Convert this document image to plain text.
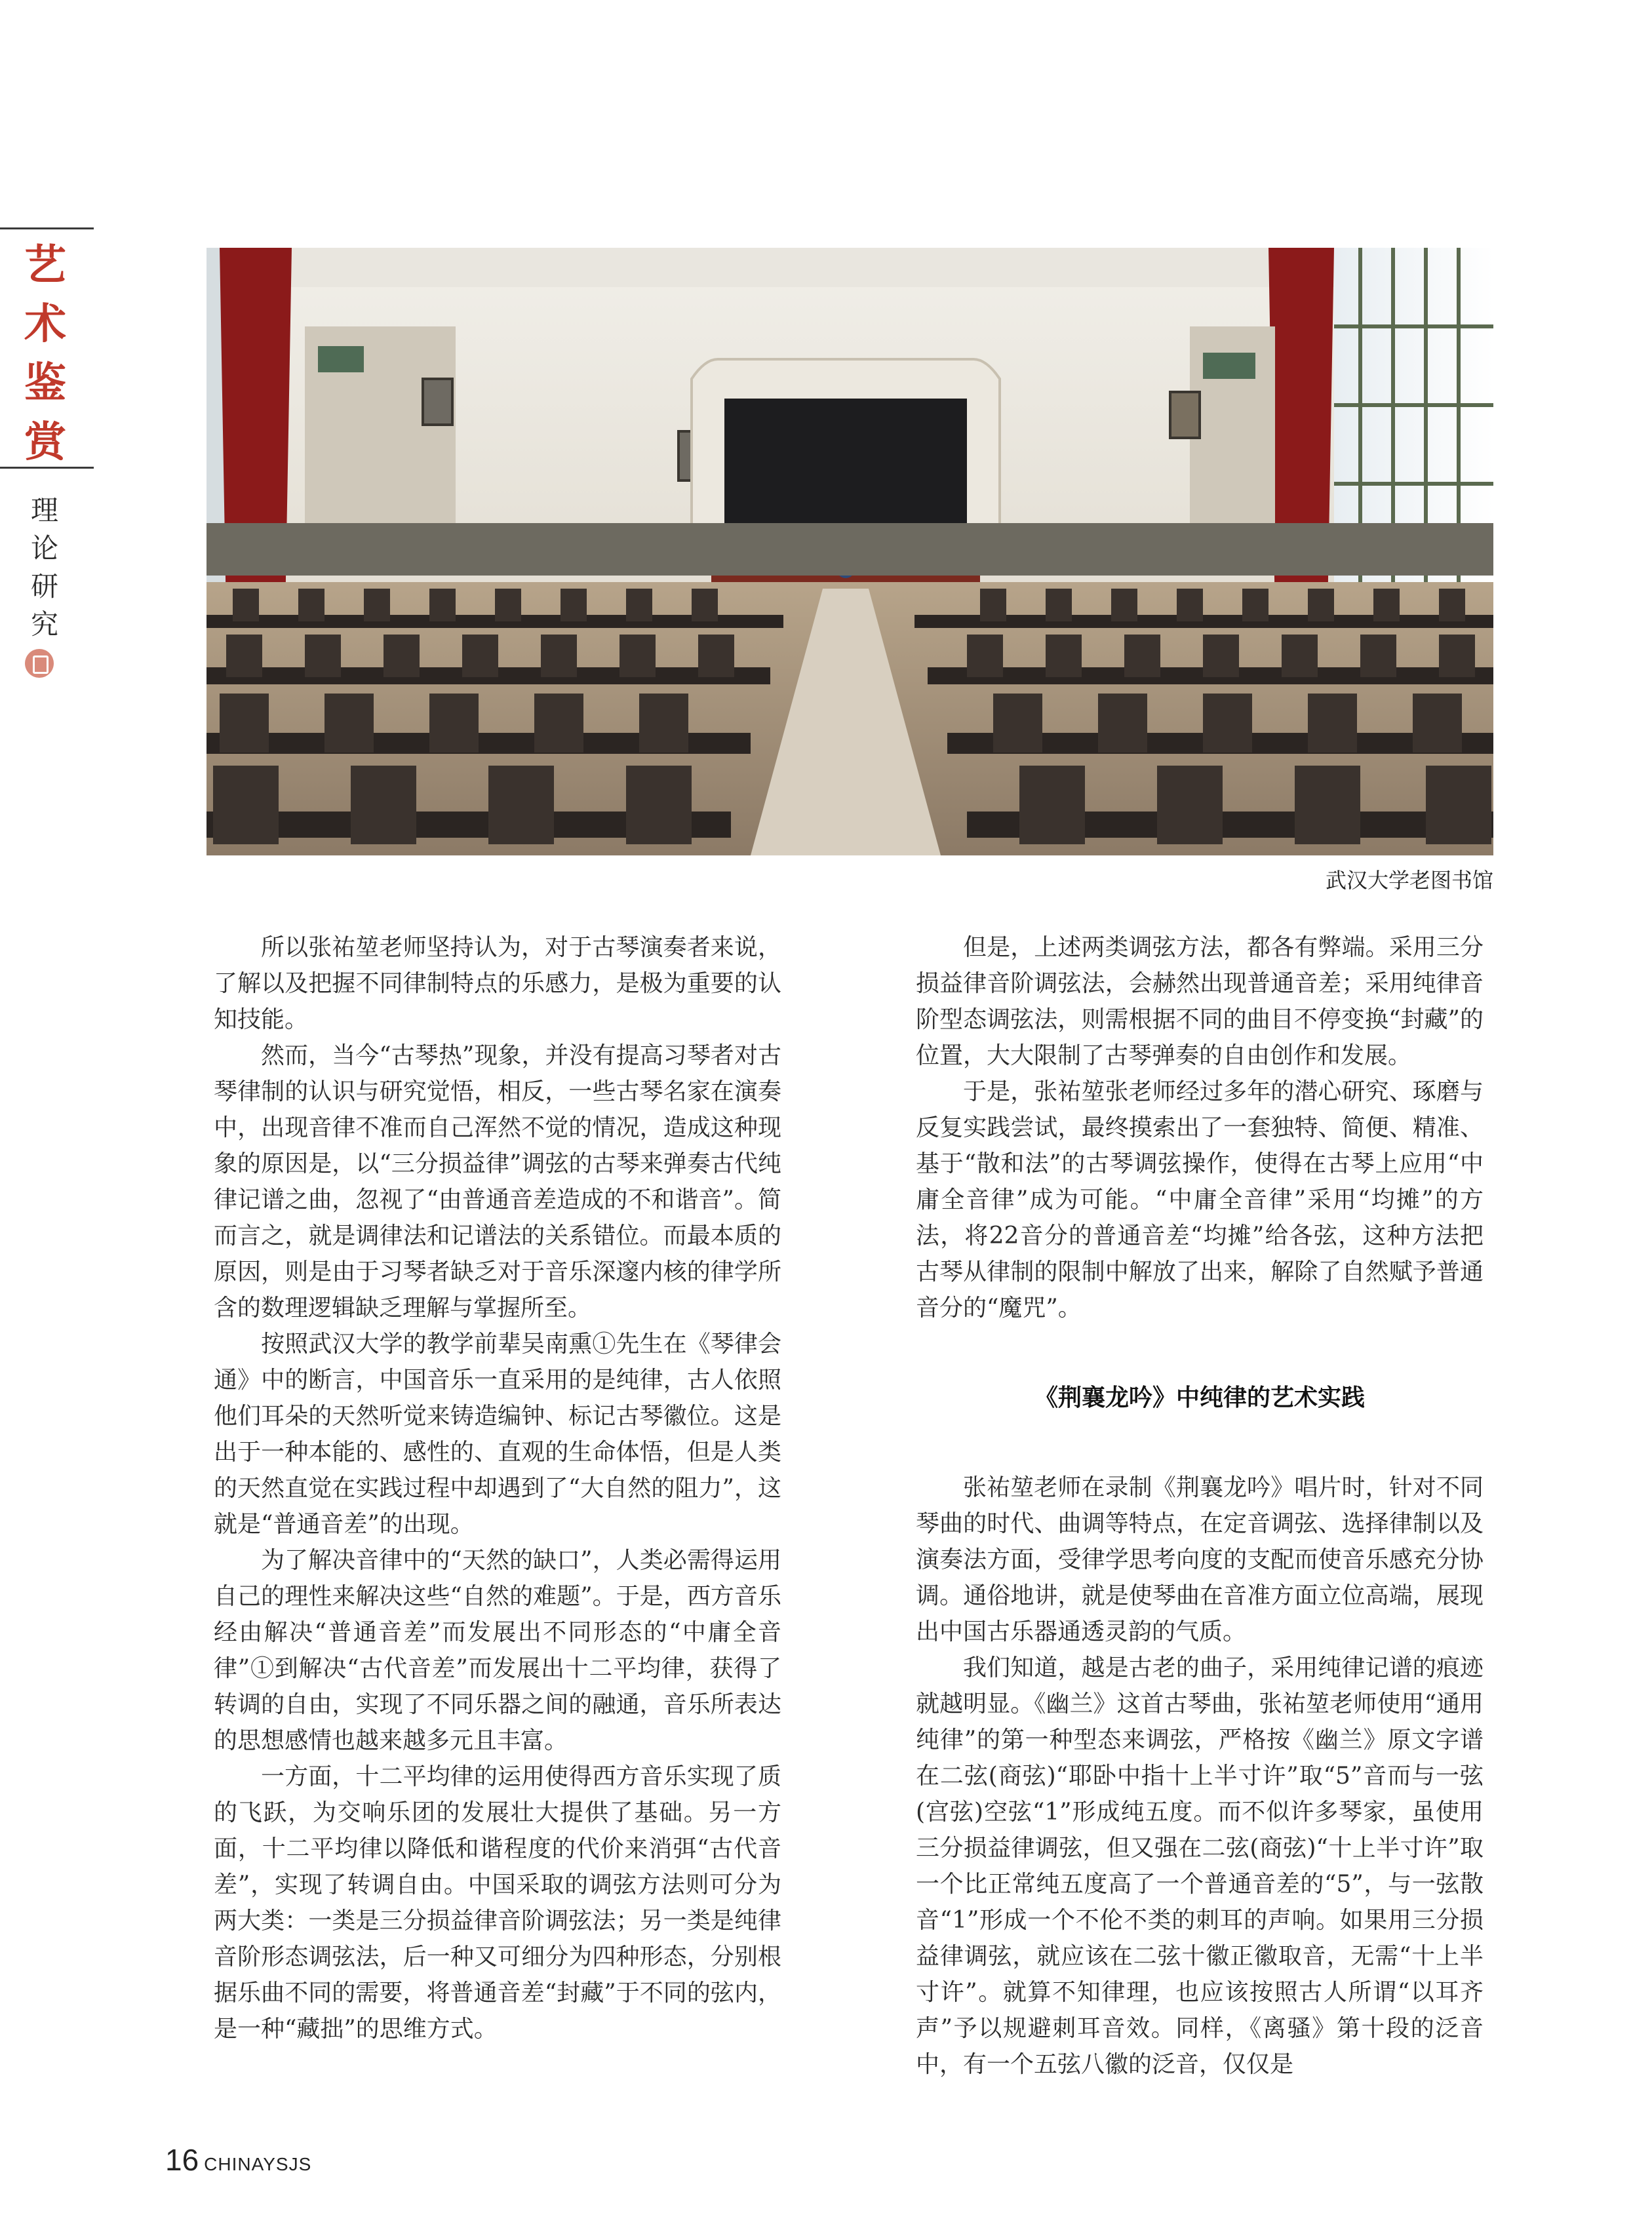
艺
术
鉴
赏
理
论
研
究
武汉大学老图书馆

所以张祐堃老师坚持认为，对于古琴演奏者来说，了解以及把握不同律制特点的乐感力，是极为重要的认知技能。

然而，当今“古琴热”现象，并没有提高习琴者对古琴律制的认识与研究觉悟，相反，一些古琴名家在演奏中，出现音律不准而自己浑然不觉的情况，造成这种现象的原因是，以“三分损益律”调弦的古琴来弹奏古代纯律记谱之曲，忽视了“由普通音差造成的不和谐音”。简而言之，就是调律法和记谱法的关系错位。而最本质的原因，则是由于习琴者缺乏对于音乐深邃内核的律学所含的数理逻辑缺乏理解与掌握所至。

按照武汉大学的教学前辈吴南熏①先生在《琴律会通》中的断言，中国音乐一直采用的是纯律，古人依照他们耳朵的天然听觉来铸造编钟、标记古琴徽位。这是出于一种本能的、感性的、直观的生命体悟，但是人类的天然直觉在实践过程中却遇到了“大自然的阻力”，这就是“普通音差”的出现。

为了解决音律中的“天然的缺口”，人类必需得运用自己的理性来解决这些“自然的难题”。于是，西方音乐经由解决“普通音差”而发展出不同形态的“中庸全音律”①到解决“古代音差”而发展出十二平均律，获得了转调的自由，实现了不同乐器之间的融通，音乐所表达的思想感情也越来越多元且丰富。

一方面，十二平均律的运用使得西方音乐实现了质的飞跃，为交响乐团的发展壮大提供了基础。另一方面，十二平均律以降低和谐程度的代价来消弭“古代音差”，实现了转调自由。中国采取的调弦方法则可分为两大类：一类是三分损益律音阶调弦法；另一类是纯律音阶形态调弦法，后一种又可细分为四种形态，分别根据乐曲不同的需要，将普通音差“封藏”于不同的弦内，是一种“藏拙”的思维方式。

但是，上述两类调弦方法，都各有弊端。采用三分损益律音阶调弦法，会赫然出现普通音差；采用纯律音阶型态调弦法，则需根据不同的曲目不停变换“封藏”的位置，大大限制了古琴弹奏的自由创作和发展。

于是，张祐堃张老师经过多年的潜心研究、琢磨与反复实践尝试，最终摸索出了一套独特、简便、精准、基于“散和法”的古琴调弦操作，使得在古琴上应用“中庸全音律”成为可能。“中庸全音律”采用“均摊”的方法，将22音分的普通音差“均摊”给各弦，这种方法把古琴从律制的限制中解放了出来，解除了自然赋予普通音分的“魔咒”。

《荆襄龙吟》中纯律的艺术实践

张祐堃老师在录制《荆襄龙吟》唱片时，针对不同琴曲的时代、曲调等特点，在定音调弦、选择律制以及演奏法方面，受律学思考向度的支配而使音乐感充分协调。通俗地讲，就是使琴曲在音准方面立位高端，展现出中国古乐器通透灵韵的气质。

我们知道，越是古老的曲子，采用纯律记谱的痕迹就越明显。《幽兰》这首古琴曲，张祐堃老师使用“通用纯律”的第一种型态来调弦，严格按《幽兰》原文字谱在二弦(商弦)“耶卧中指十上半寸许”取“5”音而与一弦(宫弦)空弦“1”形成纯五度。而不似许多琴家，虽使用三分损益律调弦，但又强在二弦(商弦)“十上半寸许”取一个比正常纯五度高了一个普通音差的“5”，与一弦散音“1”形成一个不伦不类的刺耳的声响。如果用三分损益律调弦，就应该在二弦十徽正徽取音，无需“十上半寸许”。就算不知律理，也应该按照古人所谓“以耳齐声”予以规避刺耳音效。同样，《离骚》第十段的泛音中，有一个五弦八徽的泛音，仅仅是

16 CHINAYSJS
